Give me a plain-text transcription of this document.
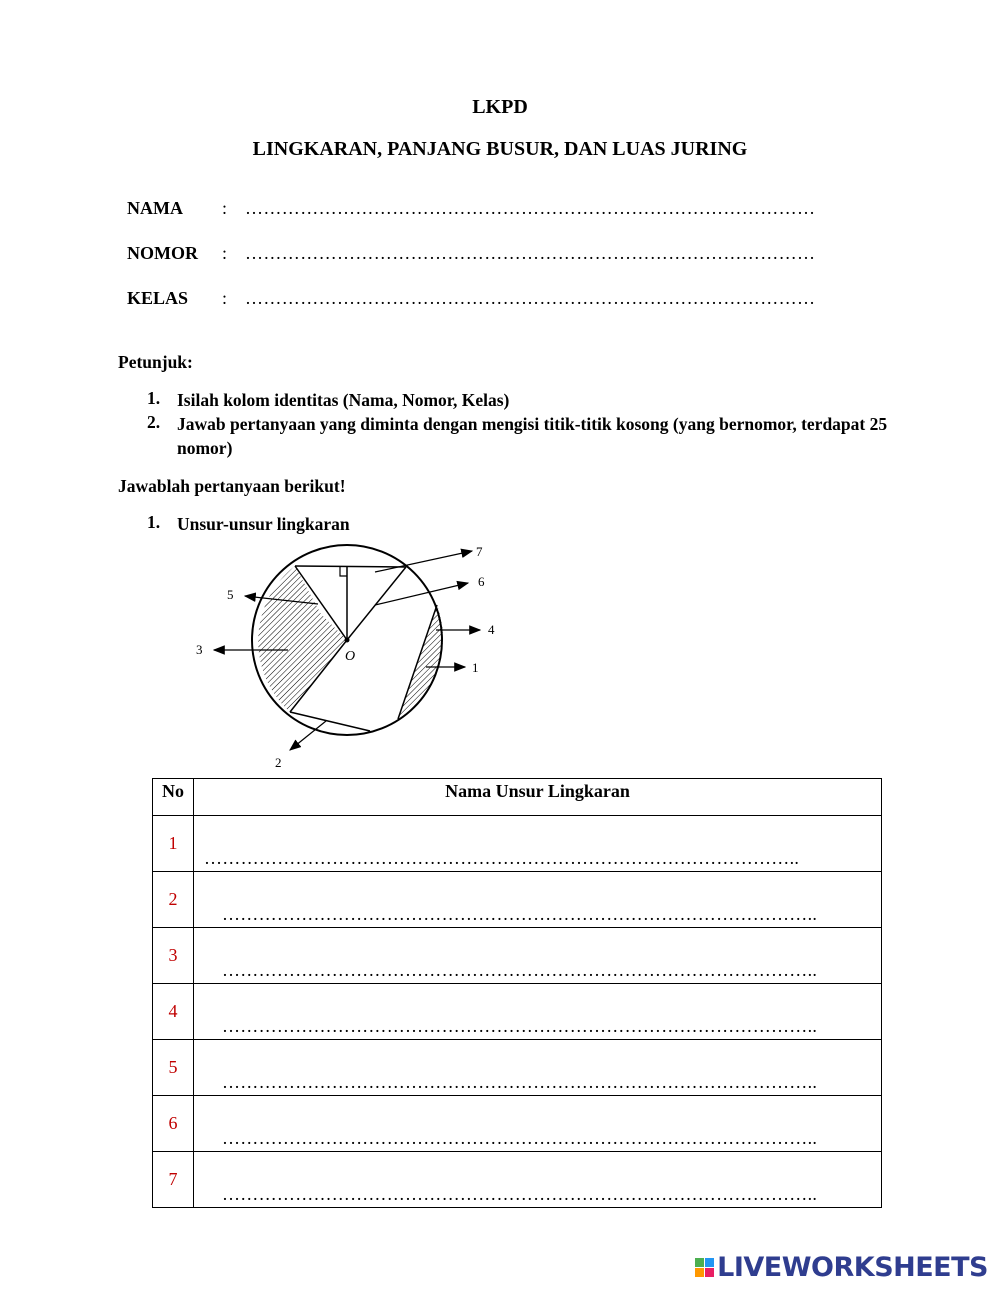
LKPD
LINGKARAN, PANJANG BUSUR, DAN LUAS JURING
NAMA	: …………………………………………………………………………………
NOMOR	: …………………………………………………………………………………
KELAS	: …………………………………………………………………………………
Petunjuk:
1. Isilah kolom identitas (Nama, Nomor, Kelas)
2. Jawab pertanyaan yang diminta dengan mengisi titik-titik kosong (yang bernomor, terdapat 25 nomor)
Jawablah pertanyaan berikut!
1. Unsur-unsur lingkaran
O
1
2
3
4
5
6
7
No	Nama Unsur Lingkaran
1	……………………………………………………………………………………..
2	……………………………………………………………………………………..
3	……………………………………………………………………………………..
4	……………………………………………………………………………………..
5	……………………………………………………………………………………..
6	……………………………………………………………………………………..
7	……………………………………………………………………………………..
LIVEWORKSHEETS
